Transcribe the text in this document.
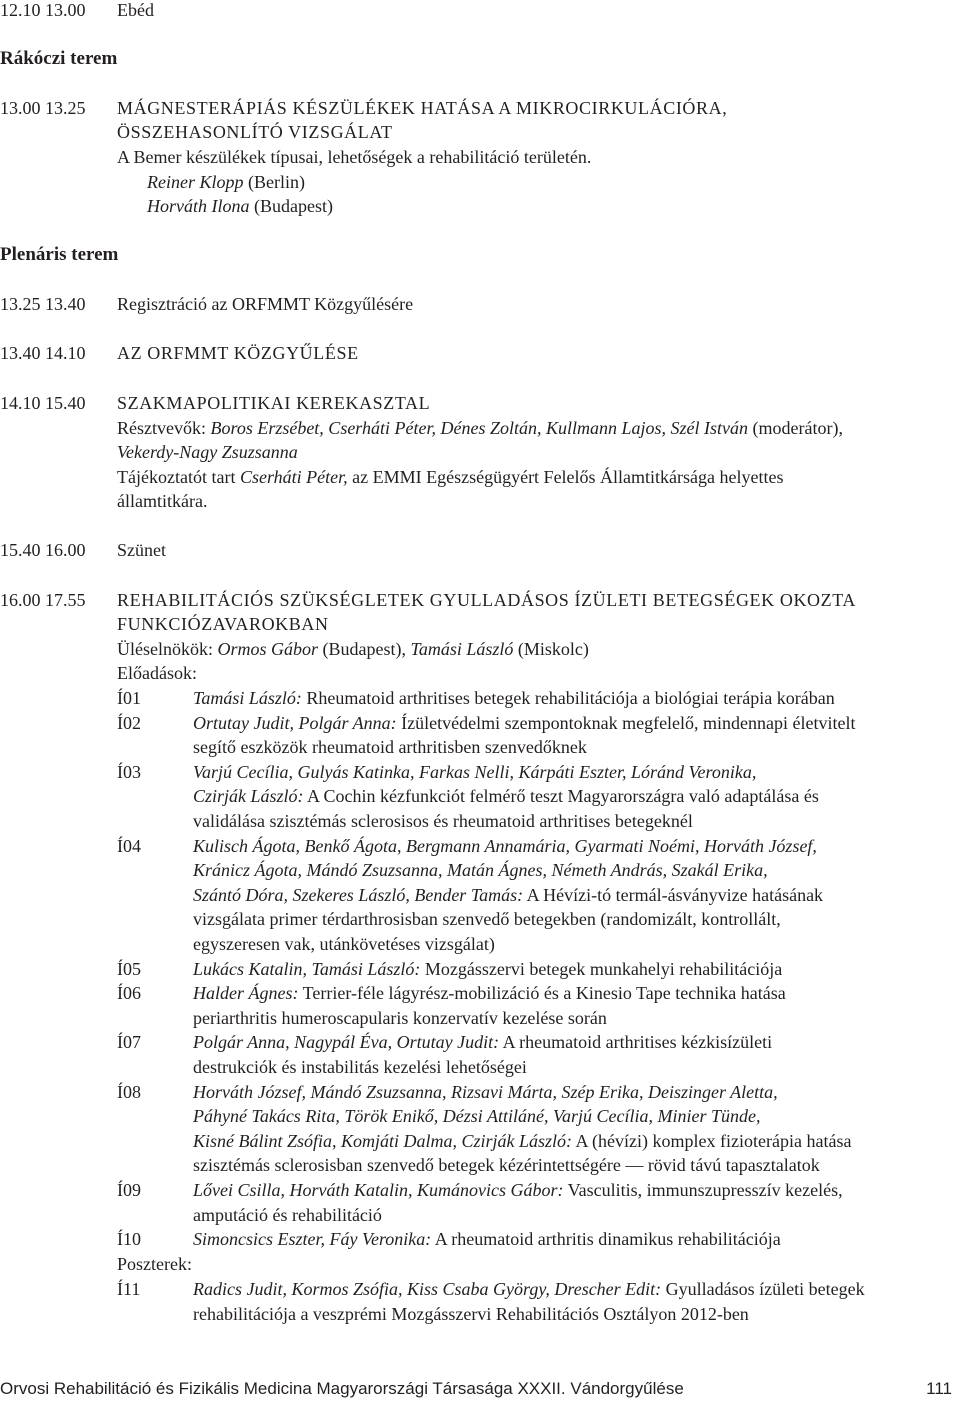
12.10 13.00 Ebéd
Rákóczi terem
13.00 13.25 MÁGNESTERÁPIÁS KÉSZÜLÉKEK HATÁSA A MIKROCIRKULÁCIÓRA,
ÖSSZEHASONLÍTÓ VIZSGÁLAT
A Bemer készülékek típusai, lehetőségek a rehabilitáció területén.
Reiner Klopp (Berlin)
Horváth Ilona (Budapest)
Plenáris terem
13.25 13.40 Regisztráció az ORFMMT Közgyűlésére
13.40 14.10 AZ ORFMMT KÖZGYŰLÉSE
14.10 15.40 SZAKMAPOLITIKAI KEREKASZTAL
Résztvevők: Boros Erzsébet, Cserháti Péter, Dénes Zoltán, Kullmann Lajos, Szél István (moderátor),
Vekerdy-Nagy Zsuzsanna
Tájékoztatót tart Cserháti Péter, az EMMI Egészségügyért Felelős Államtitkársága helyettes
államtitkára.
15.40 16.00 Szünet
16.00 17.55 REHABILITÁCIÓS SZÜKSÉGLETEK GYULLADÁSOS ÍZÜLETI BETEGSÉGEK OKOZTA
FUNKCIÓZAVAROKBAN
Üléselnökök: Ormos Gábor (Budapest), Tamási László (Miskolc)
Előadások:
Í01	Tamási László: Rheumatoid arthritises betegek rehabilitációja a biológiai terápia korában
Í02	Ortutay Judit, Polgár Anna: Ízületvédelmi szempontoknak megfelelő, mindennapi életvitelt
segítő eszközök rheumatoid arthritisben szenvedőknek
Í03	Varjú Cecília, Gulyás Katinka, Farkas Nelli, Kárpáti Eszter, Lóránd Veronika,
Czirják László: A Cochin kézfunkciót felmérő teszt Magyarországra való adaptálása és
validálása szisztémás sclerosisos és rheumatoid arthritises betegeknél
Í04	Kulisch Ágota, Benkő Ágota, Bergmann Annamária, Gyarmati Noémi, Horváth József,
Kránicz Ágota, Mándó Zsuzsanna, Matán Ágnes, Németh András, Szakál Erika,
Szántó Dóra, Szekeres László, Bender Tamás: A Hévízi-tó termál-ásványvize hatásának
vizsgálata primer térdarthrosisban szenvedő betegekben (randomizált, kontrollált,
egyszeresen vak, utánkövetéses vizsgálat)
Í05	Lukács Katalin, Tamási László: Mozgásszervi betegek munkahelyi rehabilitációja
Í06	Halder Ágnes: Terrier-féle lágyrész-mobilizáció és a Kinesio Tape technika hatása
periarthritis humeroscapularis konzervatív kezelése során
Í07	Polgár Anna, Nagypál Éva, Ortutay Judit: A rheumatoid arthritises kézkisízületi
destrukciók és instabilitás kezelési lehetőségei
Í08	Horváth József, Mándó Zsuzsanna, Rizsavi Márta, Szép Erika, Deiszinger Aletta,
Páhyné Takács Rita, Török Enikő, Dézsi Attiláné, Varjú Cecília, Minier Tünde,
Kisné Bálint Zsófia, Komjáti Dalma, Czirják László: A (hévízi) komplex fizioterápia hatása
szisztémás sclerosisban szenvedő betegek kézérintettségére — rövid távú tapasztalatok
Í09	Lővei Csilla, Horváth Katalin, Kumánovics Gábor: Vasculitis, immunszupresszív kezelés,
amputáció és rehabilitáció
Í10	Simoncsics Eszter, Fáy Veronika: A rheumatoid arthritis dinamikus rehabilitációja
Poszterek:
Í11	Radics Judit, Kormos Zsófia, Kiss Csaba György, Drescher Edit: Gyulladásos ízületi betegek
rehabilitációja a veszprémi Mozgásszervi Rehabilitációs Osztályon 2012-ben
Orvosi Rehabilitáció és Fizikális Medicina Magyarországi Társasága XXXII. Vándorgyűlése	111
